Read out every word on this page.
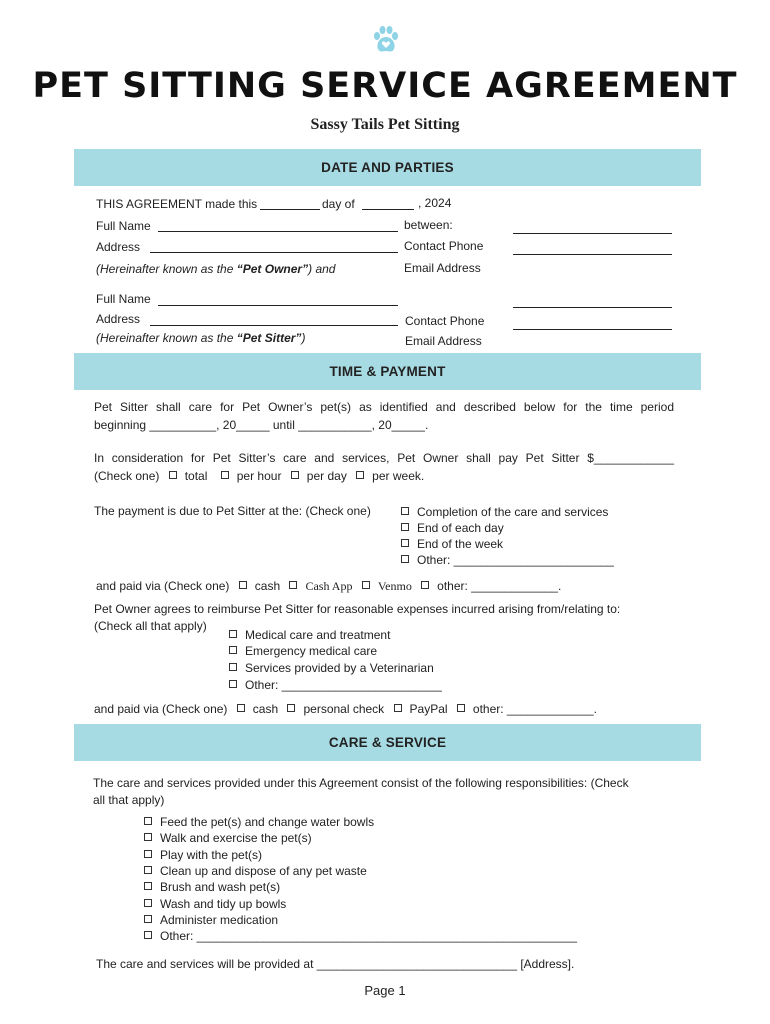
PET SITTING SERVICE AGREEMENT
Sassy Tails Pet Sitting
DATE AND PARTIES
THIS AGREEMENT made this	day of	, 2024
Full Name	between:
Address	Contact Phone
(Hereinafter known as the “Pet Owner”) and	Email Address
Full Name
Address	Contact Phone
(Hereinafter known as the “Pet Sitter”)	Email Address
TIME & PAYMENT
Pet Sitter shall care for Pet Owner’s pet(s) as identified and described below for the time period
beginning __________, 20_____ until ___________, 20_____.
In consideration for Pet Sitter’s care and services, Pet Owner shall pay Pet Sitter $____________
(Check one) total per hour per day per week.
The payment is due to Pet Sitter at the: (Check one)	Completion of the care and services
End of each day
End of the week
Other: ________________________
and paid via (Check one) cash Cash App Venmo other: _____________.
Pet Owner agrees to reimburse Pet Sitter for reasonable expenses incurred arising from/relating to:
(Check all that apply)
Medical care and treatment
Emergency medical care
Services provided by a Veterinarian
Other: ________________________
and paid via (Check one) cash personal check PayPal other: _____________.
CARE & SERVICE
The care and services provided under this Agreement consist of the following responsibilities: (Check
all that apply)
Feed the pet(s) and change water bowls
Walk and exercise the pet(s)
Play with the pet(s)
Clean up and dispose of any pet waste
Brush and wash pet(s)
Wash and tidy up bowls
Administer medication
Other: _________________________________________________________
The care and services will be provided at ______________________________ [Address].
Page 1
